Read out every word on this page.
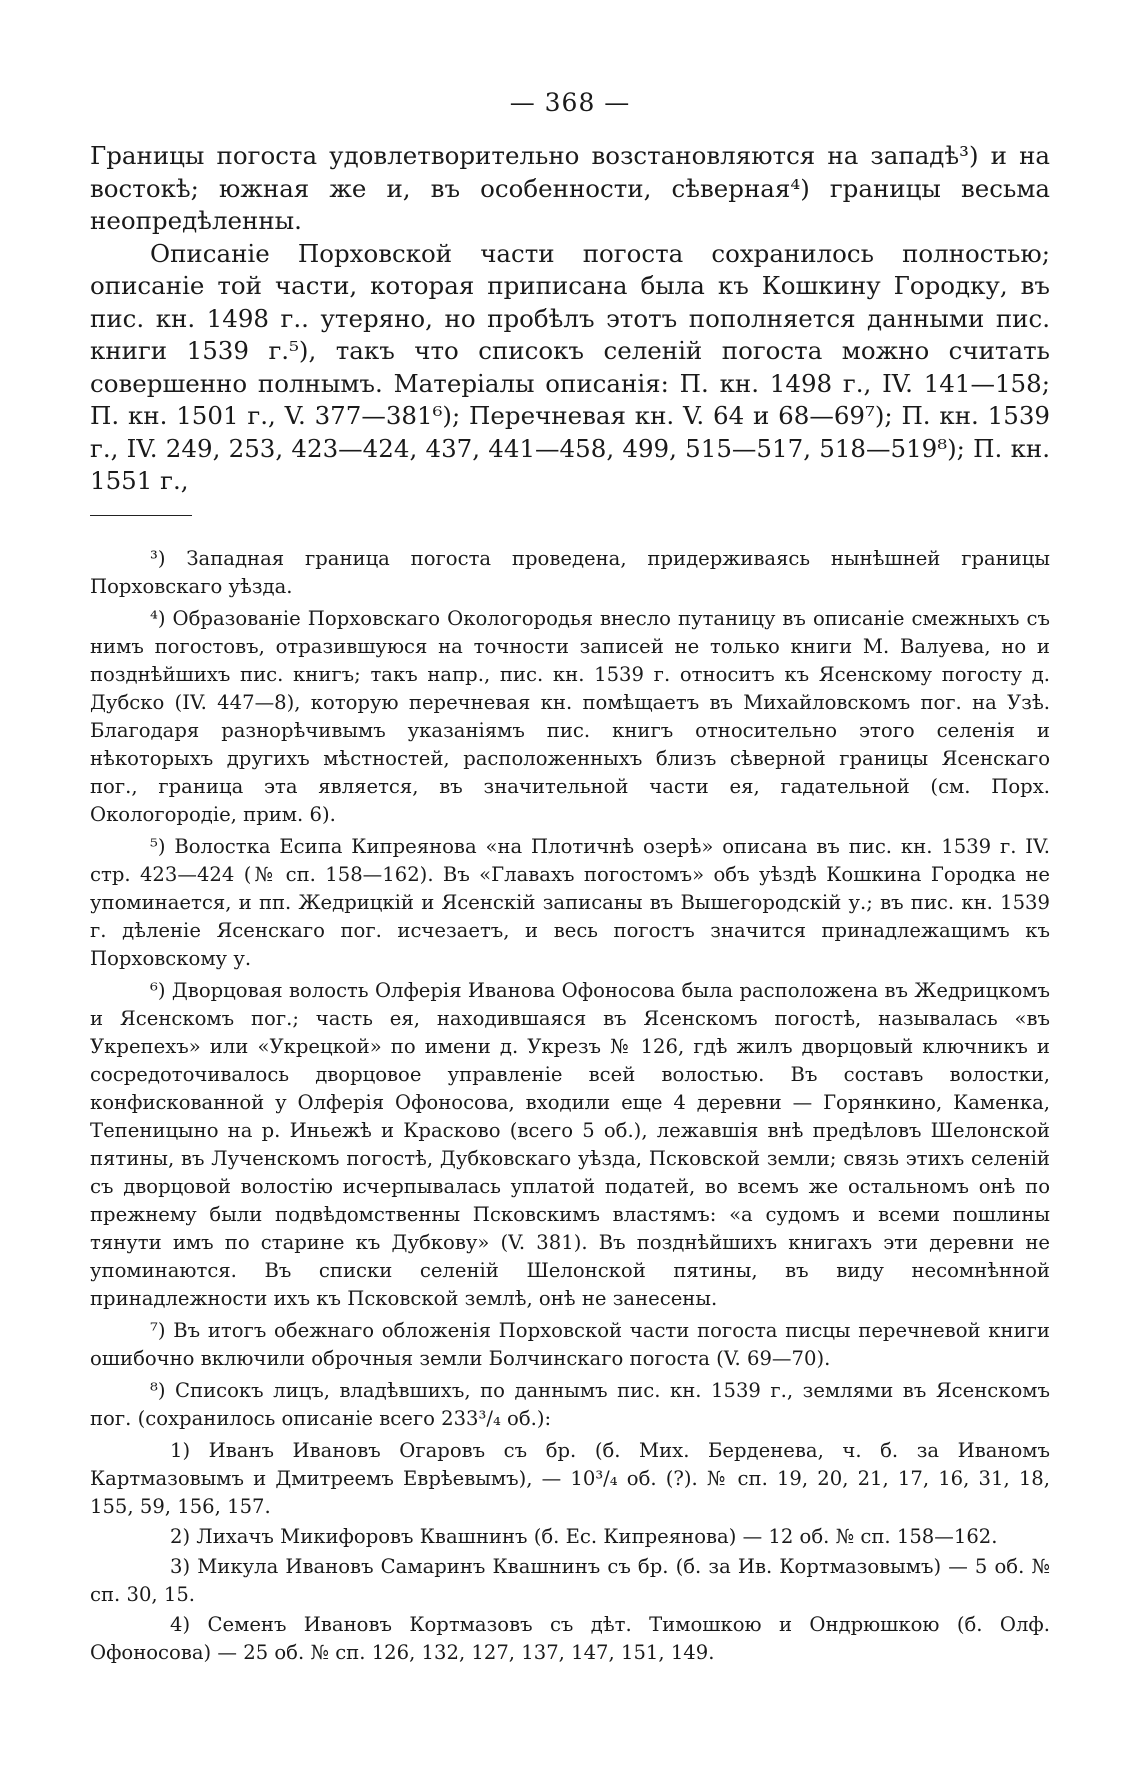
— 368 —

Границы погоста удовлетворительно возстановляются на западѣ³) и на востокѣ; южная же и, въ особенности, сѣверная⁴) границы весьма неопредѣленны.

Описаніе Порховской части погоста сохранилось полностью; описаніе той части, которая приписана была къ Кошкину Городку, въ пис. кн. 1498 г.. утеряно, но пробѣлъ этотъ пополняется данными пис. книги 1539 г.⁵), такъ что списокъ селеній погоста можно считать совершенно полнымъ. Матеріалы описанія: П. кн. 1498 г., IV. 141—158; П. кн. 1501 г., V. 377—381⁶); Перечневая кн. V. 64 и 68—69⁷); П. кн. 1539 г., IV. 249, 253, 423—424, 437, 441—458, 499, 515—517, 518—519⁸); П. кн. 1551 г.,

³) Западная граница погоста проведена, придерживаясь нынѣшней границы Порховскаго уѣзда.

⁴) Образованіе Порховскаго Окологородья внесло путаницу въ описаніе смежныхъ съ нимъ погостовъ, отразившуюся на точности записей не только книги М. Валуева, но и позднѣйшихъ пис. книгъ; такъ напр., пис. кн. 1539 г. относитъ къ Ясенскому погосту д. Дубско (IV. 447—8), которую перечневая кн. помѣщаетъ въ Михайловскомъ пог. на Узѣ. Благодаря разнорѣчивымъ указаніямъ пис. книгъ относительно этого селенія и нѣкоторыхъ другихъ мѣстностей, расположенныхъ близъ сѣверной границы Ясенскаго пог., граница эта является, въ значительной части ея, гадательной (см. Порх. Окологородіе, прим. 6).

⁵) Волостка Есипа Кипреянова «на Плотичнѣ озерѣ» описана въ пис. кн. 1539 г. IV. стр. 423—424 (№ сп. 158—162). Въ «Главахъ погостомъ» объ уѣздѣ Кошкина Городка не упоминается, и пп. Жедрицкій и Ясенскій записаны въ Вышегородскій у.; въ пис. кн. 1539 г. дѣленіе Ясенскаго пог. исчезаетъ, и весь погостъ значится принадлежащимъ къ Порховскому у.

⁶) Дворцовая волость Олферія Иванова Офоносова была расположена въ Жедрицкомъ и Ясенскомъ пог.; часть ея, находившаяся въ Ясенскомъ погостѣ, называлась «въ Укрепехъ» или «Укрецкой» по имени д. Укрезъ № 126, гдѣ жилъ дворцовый ключникъ и сосредоточивалось дворцовое управленіе всей волостью. Въ составъ волостки, конфискованной у Олферія Офоносова, входили еще 4 деревни — Горянкино, Каменка, Тепеницыно на р. Иньежѣ и Красково (всего 5 об.), лежавшія внѣ предѣловъ Шелонской пятины, въ Лученскомъ погостѣ, Дубковскаго уѣзда, Псковской земли; связь этихъ селеній съ дворцовой волостію исчерпывалась уплатой податей, во всемъ же остальномъ онѣ по прежнему были подвѣдомственны Псковскимъ властямъ: «а судомъ и всеми пошлины тянути имъ по старине къ Дубкову» (V. 381). Въ позднѣйшихъ книгахъ эти деревни не упоминаются. Въ списки селеній Шелонской пятины, въ виду несомнѣнной принадлежности ихъ къ Псковской землѣ, онѣ не занесены.

⁷) Въ итогъ обежнаго обложенія Порховской части погоста писцы перечневой книги ошибочно включили оброчныя земли Болчинскаго погоста (V. 69—70).

⁸) Списокъ лицъ, владѣвшихъ, по даннымъ пис. кн. 1539 г., землями въ Ясенскомъ пог. (сохранилось описаніе всего 233³/₄ об.):

1) Иванъ Ивановъ Огаровъ съ бр. (б. Мих. Берденева, ч. б. за Иваномъ Картмазовымъ и Дмитреемъ Еврѣевымъ), — 10³/₄ об. (?). № сп. 19, 20, 21, 17, 16, 31, 18, 155, 59, 156, 157.

2) Лихачъ Микифоровъ Квашнинъ (б. Ес. Кипреянова) — 12 об. № сп. 158—162.

3) Микула Ивановъ Самаринъ Квашнинъ съ бр. (б. за Ив. Кортмазовымъ) — 5 об. № сп. 30, 15.

4) Семенъ Ивановъ Кортмазовъ съ дѣт. Тимошкою и Ондрюшкою (б. Олф. Офоносова) — 25 об. № сп. 126, 132, 127, 137, 147, 151, 149.
